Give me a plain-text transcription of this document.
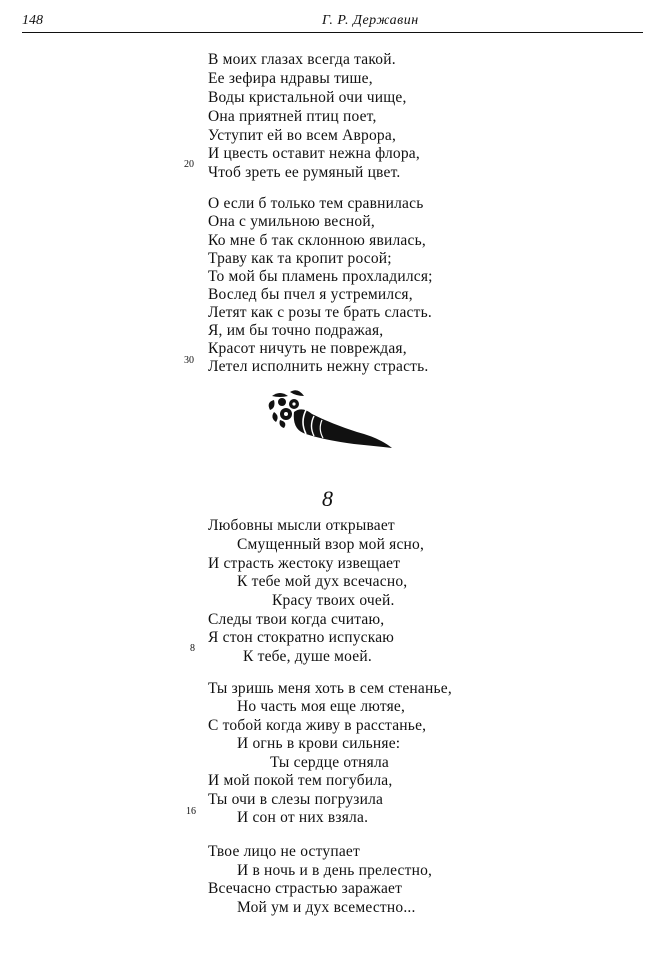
148	Г. Р. Державин
В моих глазах всегда такой.
Ее зефира ндравы тише,
Воды кристальной очи чище,
Она приятней птиц поет,
Уступит ей во всем Аврора,
И цвесть оставит нежна флора,
Чтоб зреть ее румяный цвет.
20
О если б только тем сравнилась
Она с умильною весной,
Ко мне б так склонною явилась,
Траву как та кропит росой;
То мой бы пламень прохладился;
Вослед бы пчел я устремился,
Летят как с розы те брать сласть.
Я, им бы точно подражая,
Красот ничуть не повреждая,
Летел исполнить нежну страсть.
30
8
Любовны мысли открывает
Смущенный взор мой ясно,
И страсть жестоку извещает
К тебе мой дух всечасно,
Красу твоих очей.
Следы твои когда считаю,
Я стон стократно испускаю
К тебе, душе моей.
8
Ты зришь меня хоть в сем стенанье,
Но часть моя еще лютяе,
С тобой когда живу в расстанье,
И огнь в крови сильняе:
Ты сердце отняла
И мой покой тем погубила,
Ты очи в слезы погрузила
И сон от них взяла.
16
Твое лицо не оступает
И в ночь и в день прелестно,
Всечасно страстью заражает
Мой ум и дух всеместно...
